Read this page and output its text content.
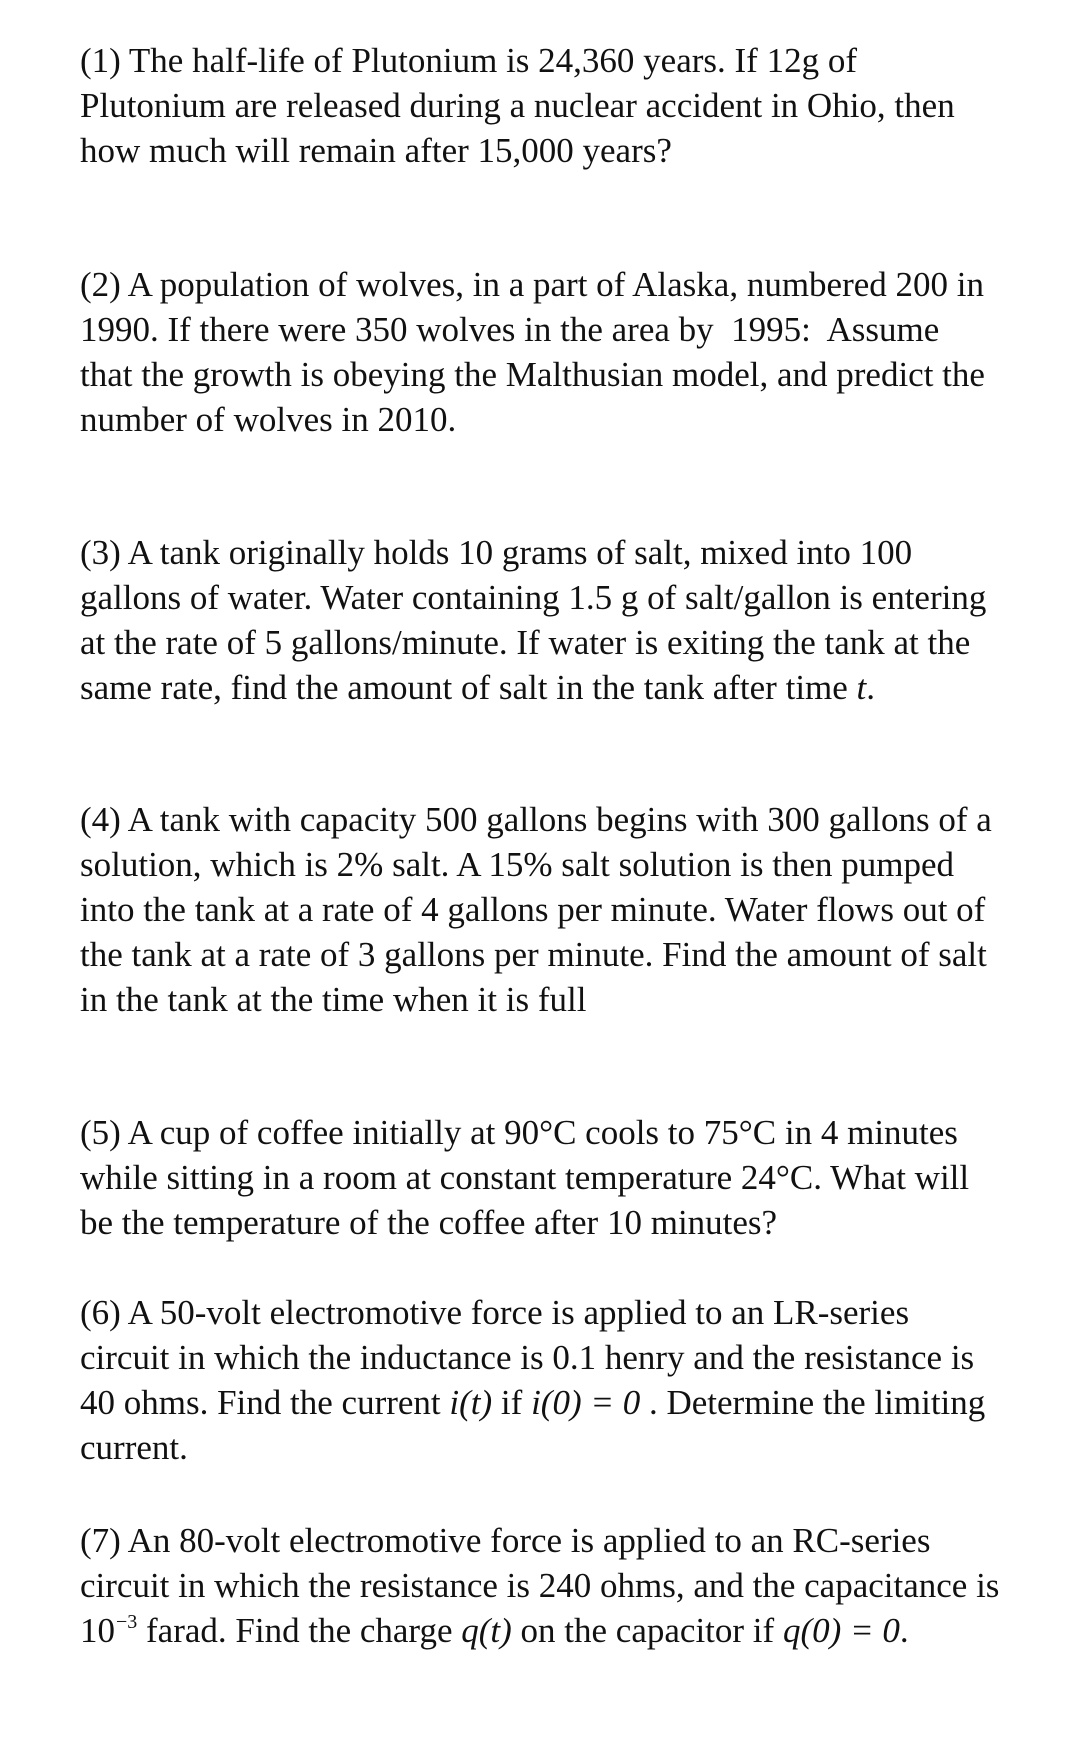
(1) The half-life of Plutonium is 24,360 years. If 12g of
Plutonium are released during a nuclear accident in Ohio, then
how much will remain after 15,000 years?
(2) A population of wolves, in a part of Alaska, numbered 200 in
1990. If there were 350 wolves in the area by  1995:  Assume
that the growth is obeying the Malthusian model, and predict the
number of wolves in 2010.
(3) A tank originally holds 10 grams of salt, mixed into 100
gallons of water. Water containing 1.5 g of salt/gallon is entering
at the rate of 5 gallons/minute. If water is exiting the tank at the
same rate, find the amount of salt in the tank after time t.
(4) A tank with capacity 500 gallons begins with 300 gallons of a
solution, which is 2% salt. A 15% salt solution is then pumped
into the tank at a rate of 4 gallons per minute. Water flows out of
the tank at a rate of 3 gallons per minute. Find the amount of salt
in the tank at the time when it is full
(5) A cup of coffee initially at 90°C cools to 75°C in 4 minutes
while sitting in a room at constant temperature 24°C. What will
be the temperature of the coffee after 10 minutes?
(6) A 50-volt electromotive force is applied to an LR-series
circuit in which the inductance is 0.1 henry and the resistance is
40 ohms. Find the current i(t) if i(0) = 0 . Determine the limiting
current.
(7) An 80-volt electromotive force is applied to an RC-series
circuit in which the resistance is 240 ohms, and the capacitance is
$10^{-3}$ farad. Find the charge q(t) on the capacitor if q(0) = 0.
